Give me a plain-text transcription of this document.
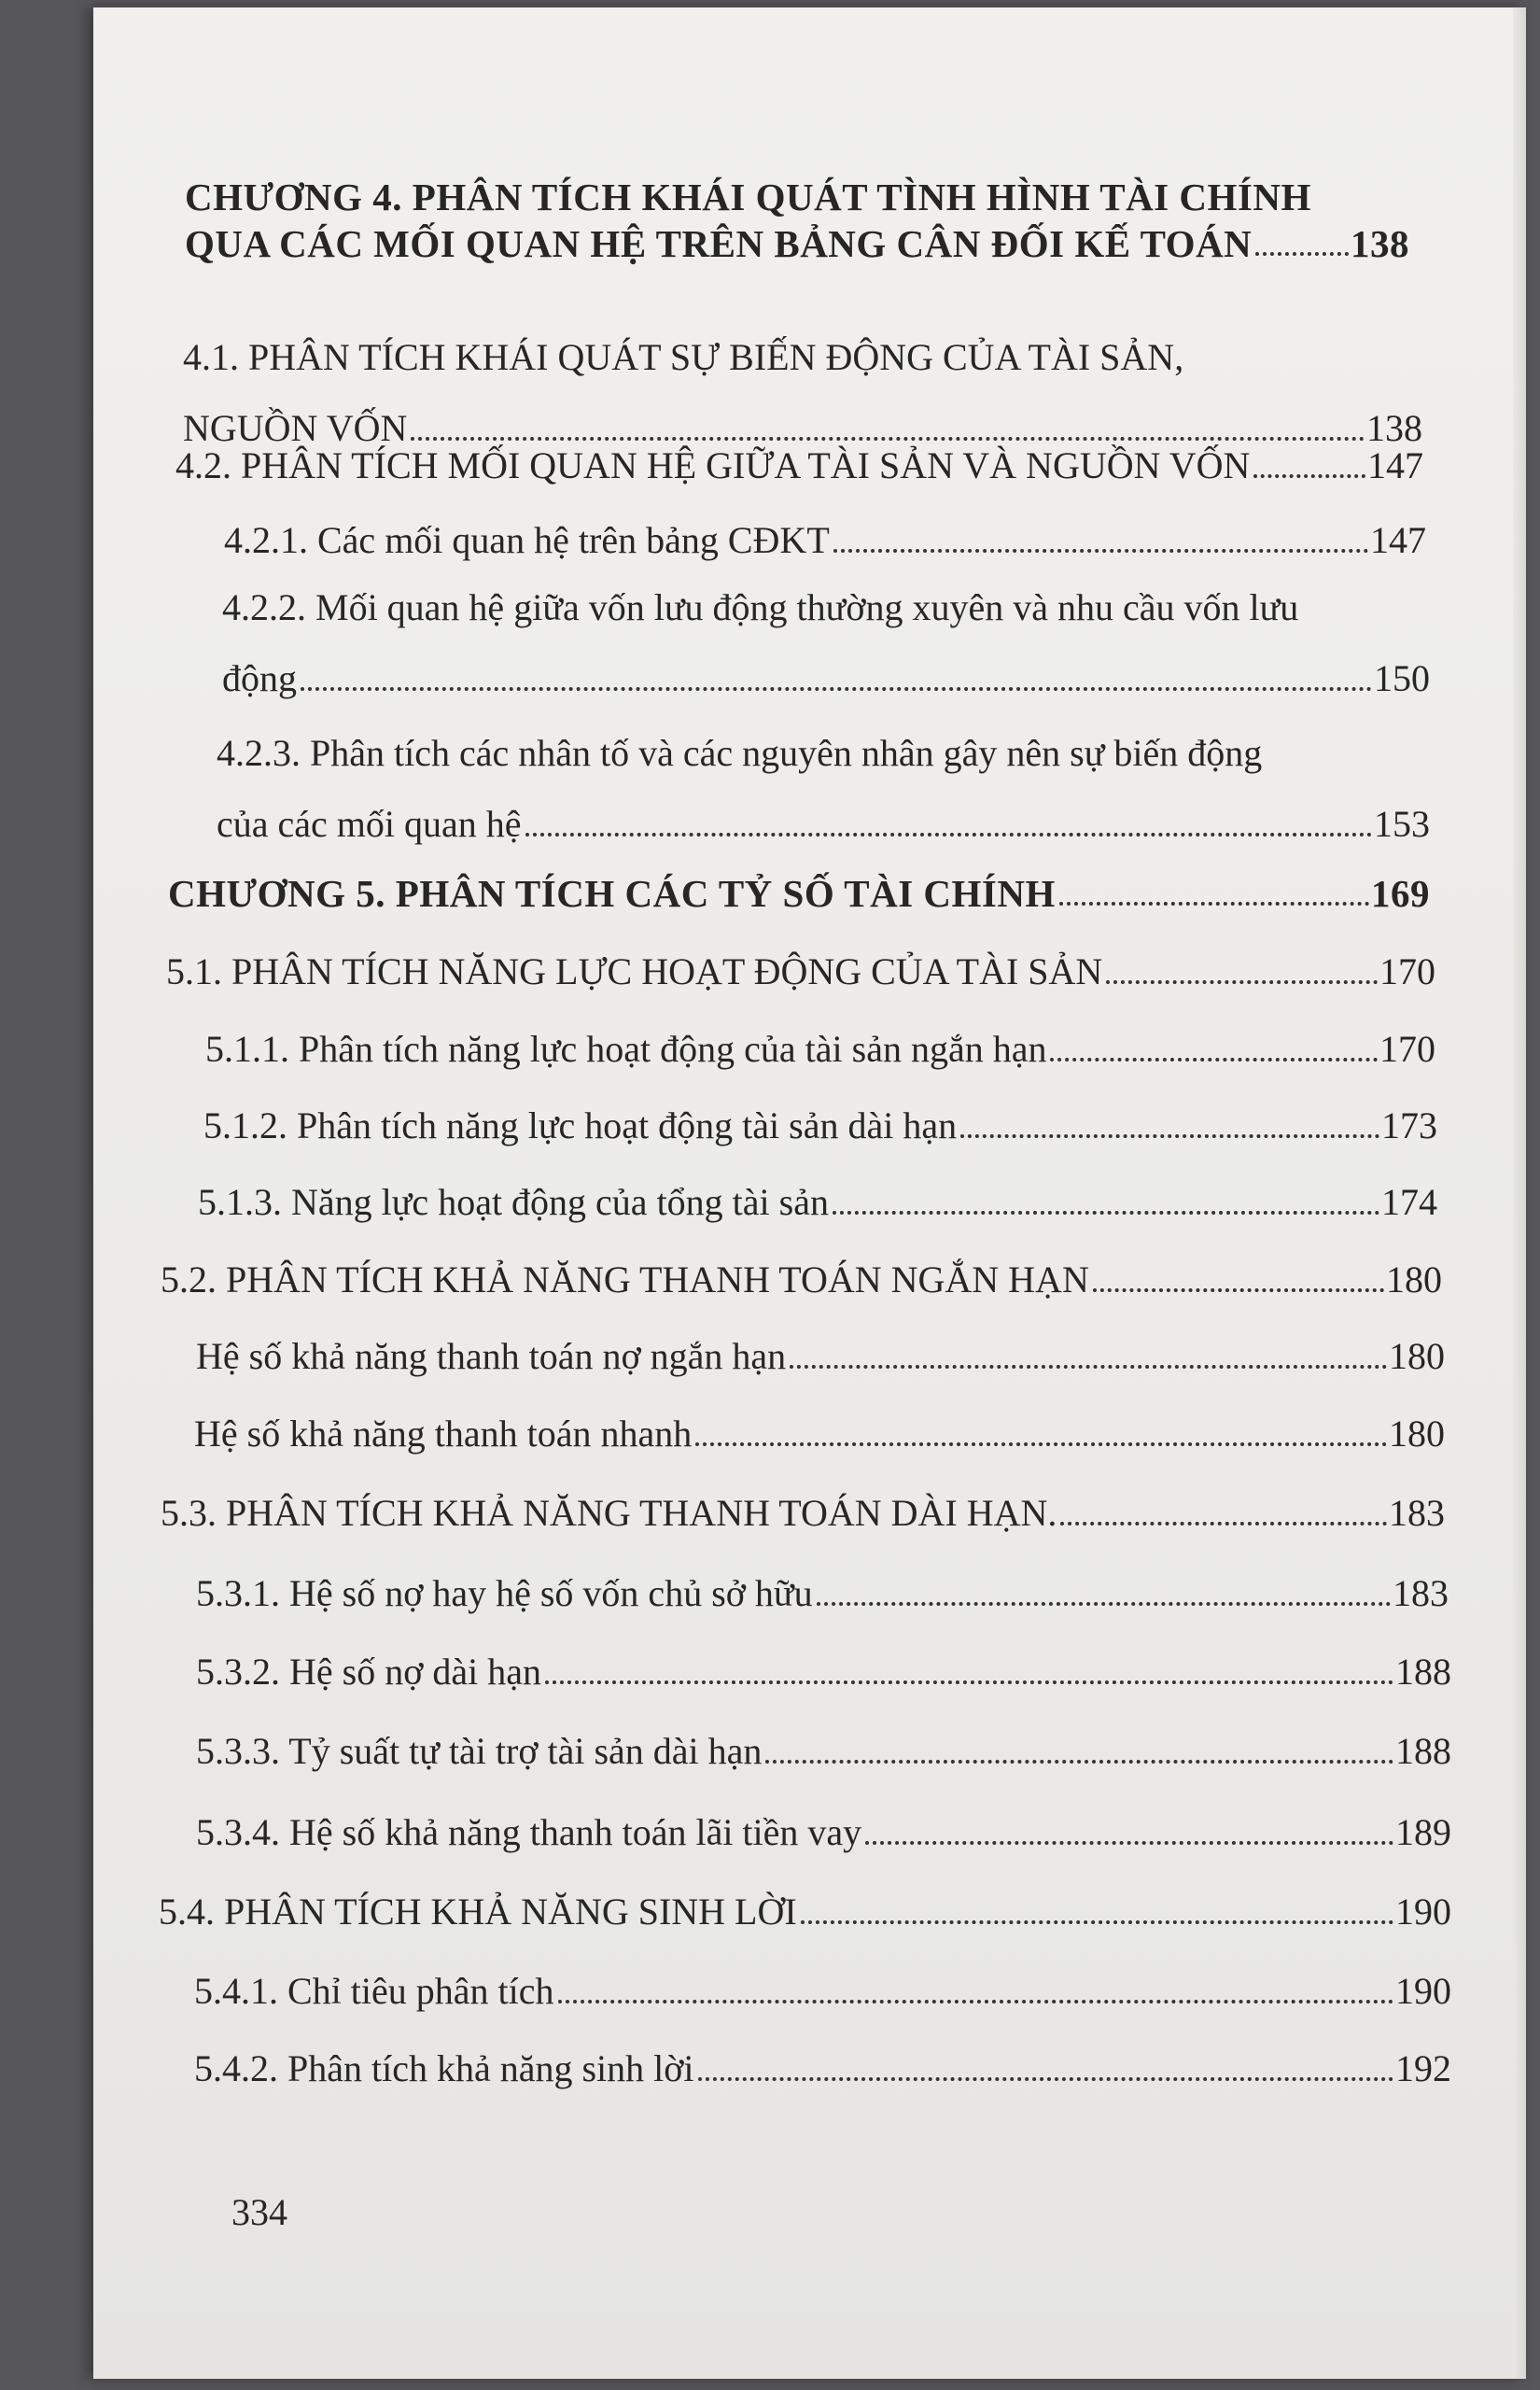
CHƯƠNG 4. PHÂN TÍCH KHÁI QUÁT TÌNH HÌNH TÀI CHÍNH
QUA CÁC MỐI QUAN HỆ TRÊN BẢNG CÂN ĐỐI KẾ TOÁN	138
4.1. PHÂN TÍCH KHÁI QUÁT SỰ BIẾN ĐỘNG CỦA TÀI SẢN,
NGUỒN VỐN	138
4.2. PHÂN TÍCH MỐI QUAN HỆ GIỮA TÀI SẢN VÀ NGUỒN VỐN	147
4.2.1. Các mối quan hệ trên bảng CĐKT	147
4.2.2. Mối quan hệ giữa vốn lưu động thường xuyên và nhu cầu vốn lưu
động	150
4.2.3. Phân tích các nhân tố và các nguyên nhân gây nên sự biến động
của các mối quan hệ	153
CHƯƠNG 5. PHÂN TÍCH CÁC TỶ SỐ TÀI CHÍNH	169
5.1. PHÂN TÍCH NĂNG LỰC HOẠT ĐỘNG CỦA TÀI SẢN	170
5.1.1. Phân tích năng lực hoạt động của tài sản ngắn hạn	170
5.1.2. Phân tích năng lực hoạt động tài sản dài hạn	173
5.1.3. Năng lực hoạt động của tổng tài sản	174
5.2. PHÂN TÍCH KHẢ NĂNG THANH TOÁN NGẮN HẠN	180
Hệ số khả năng thanh toán nợ ngắn hạn	180
Hệ số khả năng thanh toán nhanh	180
5.3. PHÂN TÍCH KHẢ NĂNG THANH TOÁN DÀI HẠN.	183
5.3.1. Hệ số nợ hay hệ số vốn chủ sở hữu	183
5.3.2. Hệ số nợ dài hạn	188
5.3.3. Tỷ suất tự tài trợ tài sản dài hạn	188
5.3.4. Hệ số khả năng thanh toán lãi tiền vay	189
5.4. PHÂN TÍCH KHẢ NĂNG SINH LỜI	190
5.4.1. Chỉ tiêu phân tích	190
5.4.2. Phân tích khả năng sinh lời	192
334
